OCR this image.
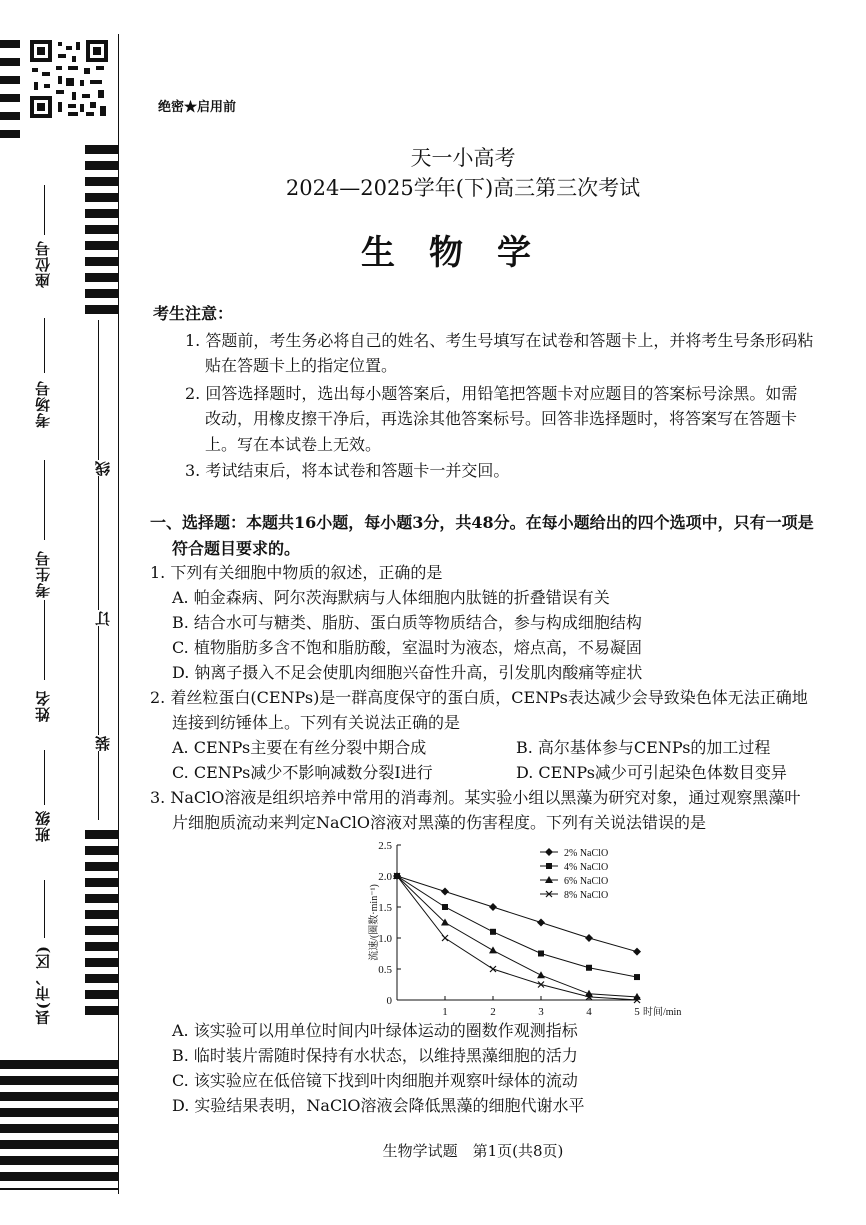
座位号
考场号
考生号
姓名
班级
县(市、区)
线
订
装
绝密★启用前
天一小高考
2024—2025学年(下)高三第三次考试
生物学
考生注意：
1. 答题前，考生务必将自己的姓名、考生号填写在试卷和答题卡上，并将考生号条形码粘
贴在答题卡上的指定位置。
2. 回答选择题时，选出每小题答案后，用铅笔把答题卡对应题目的答案标号涂黑。如需
改动，用橡皮擦干净后，再选涂其他答案标号。回答非选择题时，将答案写在答题卡
上。写在本试卷上无效。
3. 考试结束后，将本试卷和答题卡一并交回。
一、选择题：本题共16小题，每小题3分，共48分。在每小题给出的四个选项中，只有一项是
符合题目要求的。
1. 下列有关细胞中物质的叙述，正确的是
A. 帕金森病、阿尔茨海默病与人体细胞内肽链的折叠错误有关
B. 结合水可与糖类、脂肪、蛋白质等物质结合，参与构成细胞结构
C. 植物脂肪多含不饱和脂肪酸，室温时为液态，熔点高，不易凝固
D. 钠离子摄入不足会使肌肉细胞兴奋性升高，引发肌肉酸痛等症状
2. 着丝粒蛋白(CENPs)是一群高度保守的蛋白质，CENPs表达减少会导致染色体无法正确地
连接到纺锤体上。下列有关说法正确的是
A. CENPs主要在有丝分裂中期合成	B. 高尔基体参与CENPs的加工过程
C. CENPs减少不影响减数分裂Ⅰ进行	D. CENPs减少可引起染色体数目变异
3. NaClO溶液是组织培养中常用的消毒剂。某实验小组以黑藻为研究对象，通过观察黑藻叶
片细胞质流动来判定NaClO溶液对黑藻的伤害程度。下列有关说法错误的是
0
0.5
1.0
1.5
2.0
2.5
1	2	3	4	5 时间/min
流速/(圈数·min⁻¹)
2% NaClO
4% NaClO
6% NaClO
8% NaClO
A. 该实验可以用单位时间内叶绿体运动的圈数作观测指标
B. 临时装片需随时保持有水状态，以维持黑藻细胞的活力
C. 该实验应在低倍镜下找到叶肉细胞并观察叶绿体的流动
D. 实验结果表明，NaClO溶液会降低黑藻的细胞代谢水平
生物学试题　第1页(共8页)
